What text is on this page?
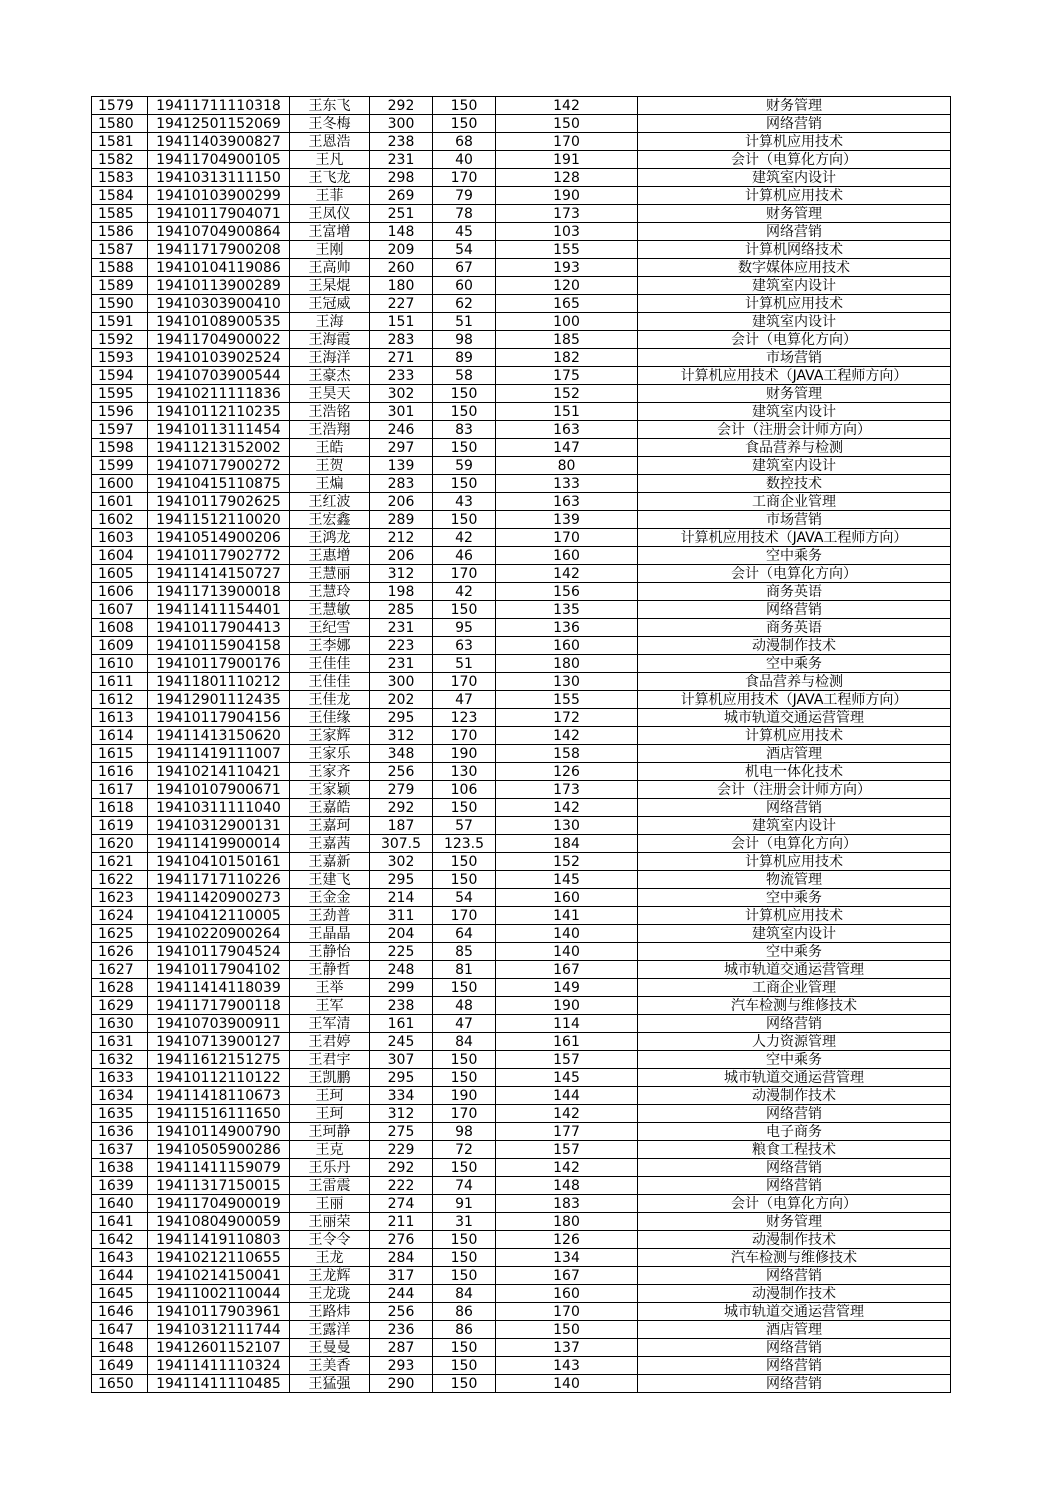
1579	19411711110318	王东飞	292	150	142	财务管理
1580	19412501152069	王冬梅	300	150	150	网络营销
1581	19411403900827	王恩浩	238	68	170	计算机应用技术
1582	19411704900105	王凡	231	40	191	会计（电算化方向）
1583	19410313111150	王飞龙	298	170	128	建筑室内设计
1584	19410103900299	王菲	269	79	190	计算机应用技术
1585	19410117904071	王凤仪	251	78	173	财务管理
1586	19410704900864	王富增	148	45	103	网络营销
1587	19411717900208	王刚	209	54	155	计算机网络技术
1588	19410104119086	王高帅	260	67	193	数字媒体应用技术
1589	19410113900289	王杲焜	180	60	120	建筑室内设计
1590	19410303900410	王冠威	227	62	165	计算机应用技术
1591	19410108900535	王海	151	51	100	建筑室内设计
1592	19411704900022	王海霞	283	98	185	会计（电算化方向）
1593	19410103902524	王海洋	271	89	182	市场营销
1594	19410703900544	王豪杰	233	58	175	计算机应用技术（JAVA工程师方向）
1595	19410211111836	王昊天	302	150	152	财务管理
1596	19410112110235	王浩铭	301	150	151	建筑室内设计
1597	19410113111454	王浩翔	246	83	163	会计（注册会计师方向）
1598	19411213152002	王皓	297	150	147	食品营养与检测
1599	19410717900272	王贺	139	59	80	建筑室内设计
1600	19410415110875	王煸	283	150	133	数控技术
1601	19410117902625	王红波	206	43	163	工商企业管理
1602	19411512110020	王宏鑫	289	150	139	市场营销
1603	19410514900206	王鸿龙	212	42	170	计算机应用技术（JAVA工程师方向）
1604	19410117902772	王惠增	206	46	160	空中乘务
1605	19411414150727	王慧丽	312	170	142	会计（电算化方向）
1606	19411713900018	王慧玲	198	42	156	商务英语
1607	19411411154401	王慧敏	285	150	135	网络营销
1608	19410117904413	王纪雪	231	95	136	商务英语
1609	19410115904158	王李娜	223	63	160	动漫制作技术
1610	19410117900176	王佳佳	231	51	180	空中乘务
1611	19411801110212	王佳佳	300	170	130	食品营养与检测
1612	19412901112435	王佳龙	202	47	155	计算机应用技术（JAVA工程师方向）
1613	19410117904156	王佳缘	295	123	172	城市轨道交通运营管理
1614	19411413150620	王家辉	312	170	142	计算机应用技术
1615	19411419111007	王家乐	348	190	158	酒店管理
1616	19410214110421	王家齐	256	130	126	机电一体化技术
1617	19410107900671	王家颖	279	106	173	会计（注册会计师方向）
1618	19410311111040	王嘉皓	292	150	142	网络营销
1619	19410312900131	王嘉珂	187	57	130	建筑室内设计
1620	19411419900014	王嘉茜	307.5	123.5	184	会计（电算化方向）
1621	19410410150161	王嘉新	302	150	152	计算机应用技术
1622	19411717110226	王建飞	295	150	145	物流管理
1623	19411420900273	王金金	214	54	160	空中乘务
1624	19410412110005	王劲普	311	170	141	计算机应用技术
1625	19410220900264	王晶晶	204	64	140	建筑室内设计
1626	19410117904524	王静怡	225	85	140	空中乘务
1627	19410117904102	王静哲	248	81	167	城市轨道交通运营管理
1628	19411414118039	王举	299	150	149	工商企业管理
1629	19411717900118	王军	238	48	190	汽车检测与维修技术
1630	19410703900911	王军清	161	47	114	网络营销
1631	19410713900127	王君婷	245	84	161	人力资源管理
1632	19411612151275	王君宇	307	150	157	空中乘务
1633	19410112110122	王凯鹏	295	150	145	城市轨道交通运营管理
1634	19411418110673	王珂	334	190	144	动漫制作技术
1635	19411516111650	王珂	312	170	142	网络营销
1636	19410114900790	王珂静	275	98	177	电子商务
1637	19410505900286	王克	229	72	157	粮食工程技术
1638	19411411159079	王乐丹	292	150	142	网络营销
1639	19411317150015	王雷震	222	74	148	网络营销
1640	19411704900019	王丽	274	91	183	会计（电算化方向）
1641	19410804900059	王丽荣	211	31	180	财务管理
1642	19411419110803	王令令	276	150	126	动漫制作技术
1643	19410212110655	王龙	284	150	134	汽车检测与维修技术
1644	19410214150041	王龙辉	317	150	167	网络营销
1645	19411002110044	王龙珑	244	84	160	动漫制作技术
1646	19410117903961	王路炜	256	86	170	城市轨道交通运营管理
1647	19410312111744	王露洋	236	86	150	酒店管理
1648	19412601152107	王曼曼	287	150	137	网络营销
1649	19411411110324	王美香	293	150	143	网络营销
1650	19411411110485	王猛强	290	150	140	网络营销
